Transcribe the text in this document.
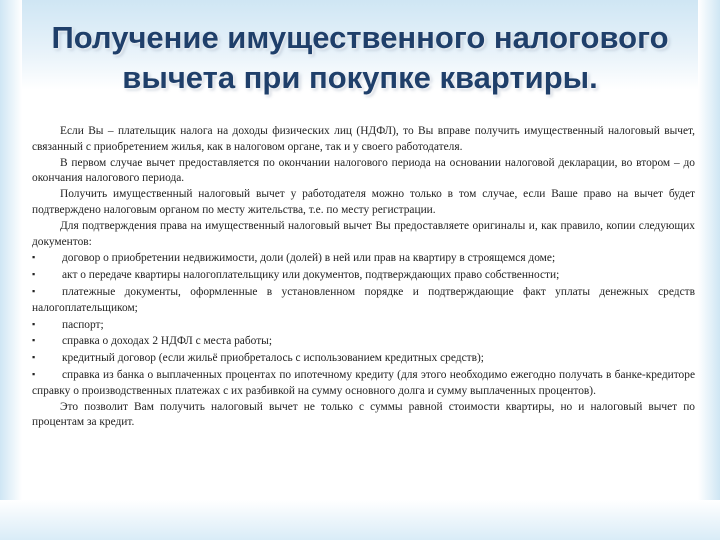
Получение имущественного налогового
вычета при покупке квартиры.

Если Вы – плательщик налога на доходы физических лиц (НДФЛ), то Вы вправе получить имущественный налоговый вычет, связанный с приобретением жилья, как в налоговом органе, так и у своего работодателя.

В первом случае вычет предоставляется по окончании налогового периода на основании налоговой декларации, во втором – до окончания налогового периода.

Получить имущественный налоговый вычет у работодателя можно только в том случае, если Ваше право на вычет будет подтверждено налоговым органом по месту жительства, т.е. по месту регистрации.

Для подтверждения права на имущественный налоговый вычет Вы предоставляете оригиналы и, как правило, копии следующих документов:

▪ договор о приобретении недвижимости, доли (долей) в ней или прав на квартиру в строящемся доме;

▪ акт о передаче квартиры налогоплательщику или документов, подтверждающих право собственности;

▪ платежные документы, оформленные в установленном порядке и подтверждающие факт уплаты денежных средств налогоплательщиком;

▪ паспорт;

▪ справка о доходах 2 НДФЛ с места работы;

▪ кредитный договор (если жильё приобреталось с использованием кредитных средств);

▪ справка из банка о выплаченных процентах по ипотечному кредиту (для этого необходимо ежегодно получать в банке-кредиторе справку о производственных платежах с их разбивкой на сумму основного долга и сумму выплаченных процентов).

Это позволит Вам получить налоговый вычет не только с суммы равной стоимости квартиры, но и налоговый вычет по процентам за кредит.
